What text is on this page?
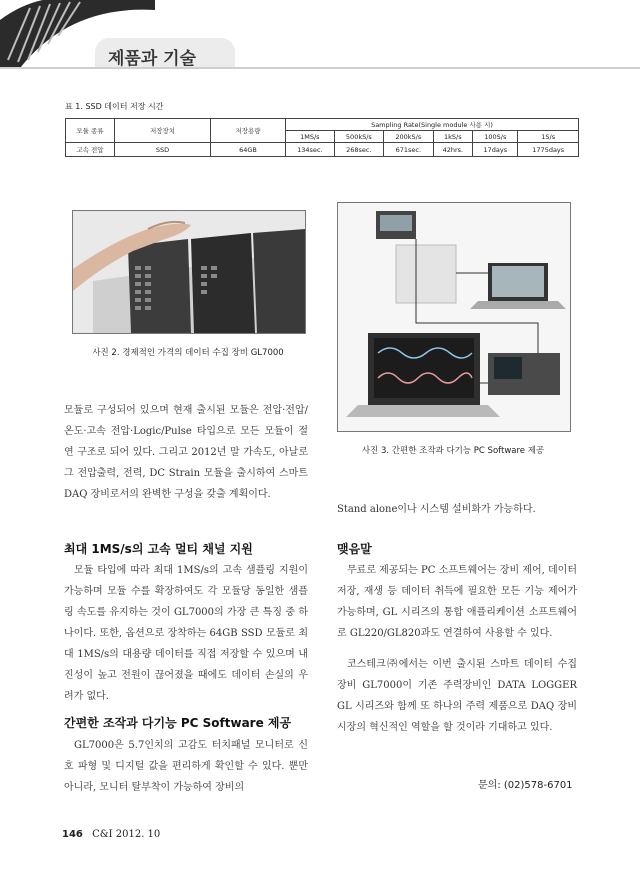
제품과 기술
표 1. SSD 데이터 저장 시간
모듈 종류	저장장치	저장용량	Sampling Rate(Single module 사용 시)					
			1MS/s	500kS/s	200kS/s	1kS/s	100S/s	1S/s
고속 전압	SSD	64GB	134sec.	268sec.	671sec.	42hrs.	17days	1775days
사진 2. 경제적인 가격의 데이터 수집 장비 GL7000
사진 3. 간편한 조작과 다기능 PC Software 제공

모듈로 구성되어 있으며 현재 출시된 모듈은 전압·전압/온도·고속 전압·Logic/Pulse 타입으로 모든 모듈이 절연 구조로 되어 있다. 그리고 2012년 말 가속도, 아날로그 전압출력, 전력, DC Strain 모듈을 출시하여 스마트 DAQ 장비로서의 완벽한 구성을 갖출 계획이다.

최대 1MS/s의 고속 멀티 채널 지원

모듈 타입에 따라 최대 1MS/s의 고속 샘플링 지원이 가능하며 모듈 수를 확장하여도 각 모듈당 동일한 샘플링 속도를 유지하는 것이 GL7000의 가장 큰 특징 중 하나이다. 또한, 옵션으로 장착하는 64GB SSD 모듈로 최대 1MS/s의 대용량 데이터를 직접 저장할 수 있으며 내진성이 높고 전원이 끊어졌을 때에도 데이터 손실의 우려가 없다.

간편한 조작과 다기능 PC Software 제공

GL7000은 5.7인치의 고감도 터치패널 모니터로 신호 파형 및 디지털 값을 편리하게 확인할 수 있다. 뿐만 아니라, 모니터 탈부착이 가능하여 장비의

Stand alone이나 시스템 설비화가 가능하다.

맺음말

무료로 제공되는 PC 소프트웨어는 장비 제어, 데이터 저장, 재생 등 데이터 취득에 필요한 모든 기능 제어가 가능하며, GL 시리즈의 통합 애플리케이션 소프트웨어로 GL220/GL820과도 연결하여 사용할 수 있다.

코스테크㈜에서는 이번 출시된 스마트 데이터 수집 장비 GL7000이 기존 주력장비인 DATA LOGGER GL 시리즈와 함께 또 하나의 주력 제품으로 DAQ 장비 시장의 혁신적인 역할을 할 것이라 기대하고 있다.

문의: (02)578-6701
146 C&I 2012. 10
